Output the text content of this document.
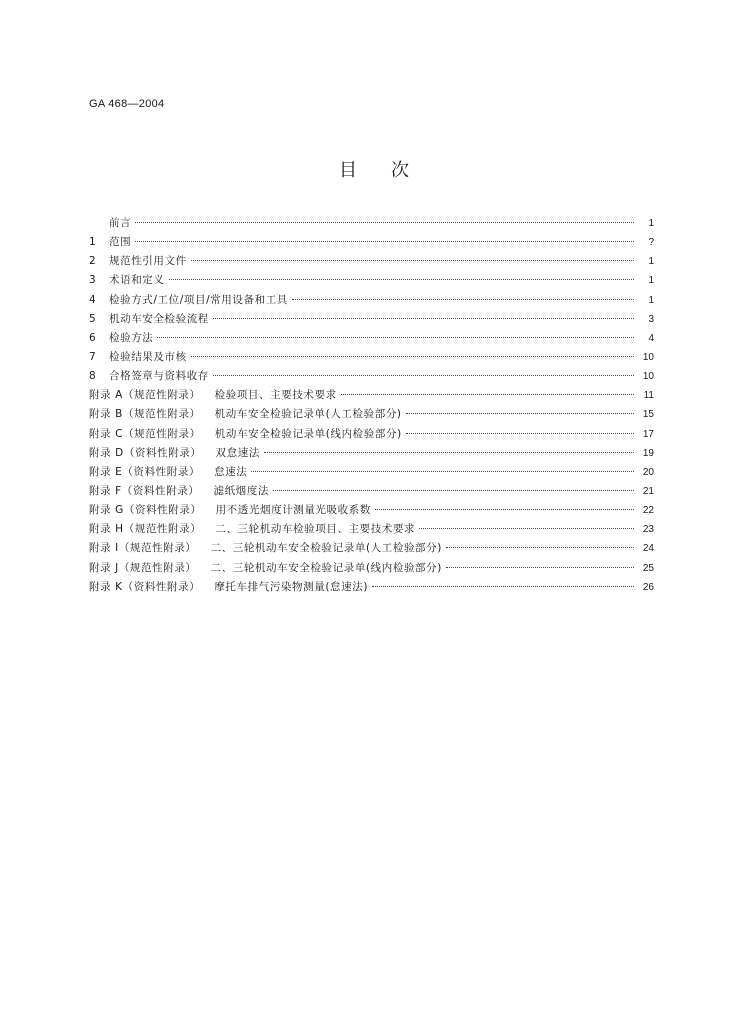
GA 468—2004
目 次
前言	1
1	范围	?
2	规范性引用文件	1
3	术语和定义	1
4	检验方式/工位/项目/常用设备和工具	1
5	机动车安全检验流程	3
6	检验方法	4
7	检验结果及市核	10
8	合格签章与资料收存	10
附录 A（规范性附录） 检验项目、主要技术要求	11
附录 B（规范性附录） 机动车安全检验记录单(人工检验部分)	15
附录 C（规范性附录） 机动车安全检验记录单(线内检验部分)	17
附录 D（资料性附录） 双怠速法	19
附录 E（资料性附录） 怠速法	20
附录 F（资料性附录） 滤纸烟度法	21
附录 G（资料性附录） 用不透光烟度计测量光吸收系数	22
附录 H（规范性附录） 二、三轮机动车检验项目、主要技术要求	23
附录 I（规范性附录） 二、三轮机动车安全检验记录单(人工检验部分)	24
附录 J（规范性附录） 二、三轮机动车安全检验记录单(线内检验部分)	25
附录 K（资料性附录） 摩托车排气污染物测量(怠速法)	26
